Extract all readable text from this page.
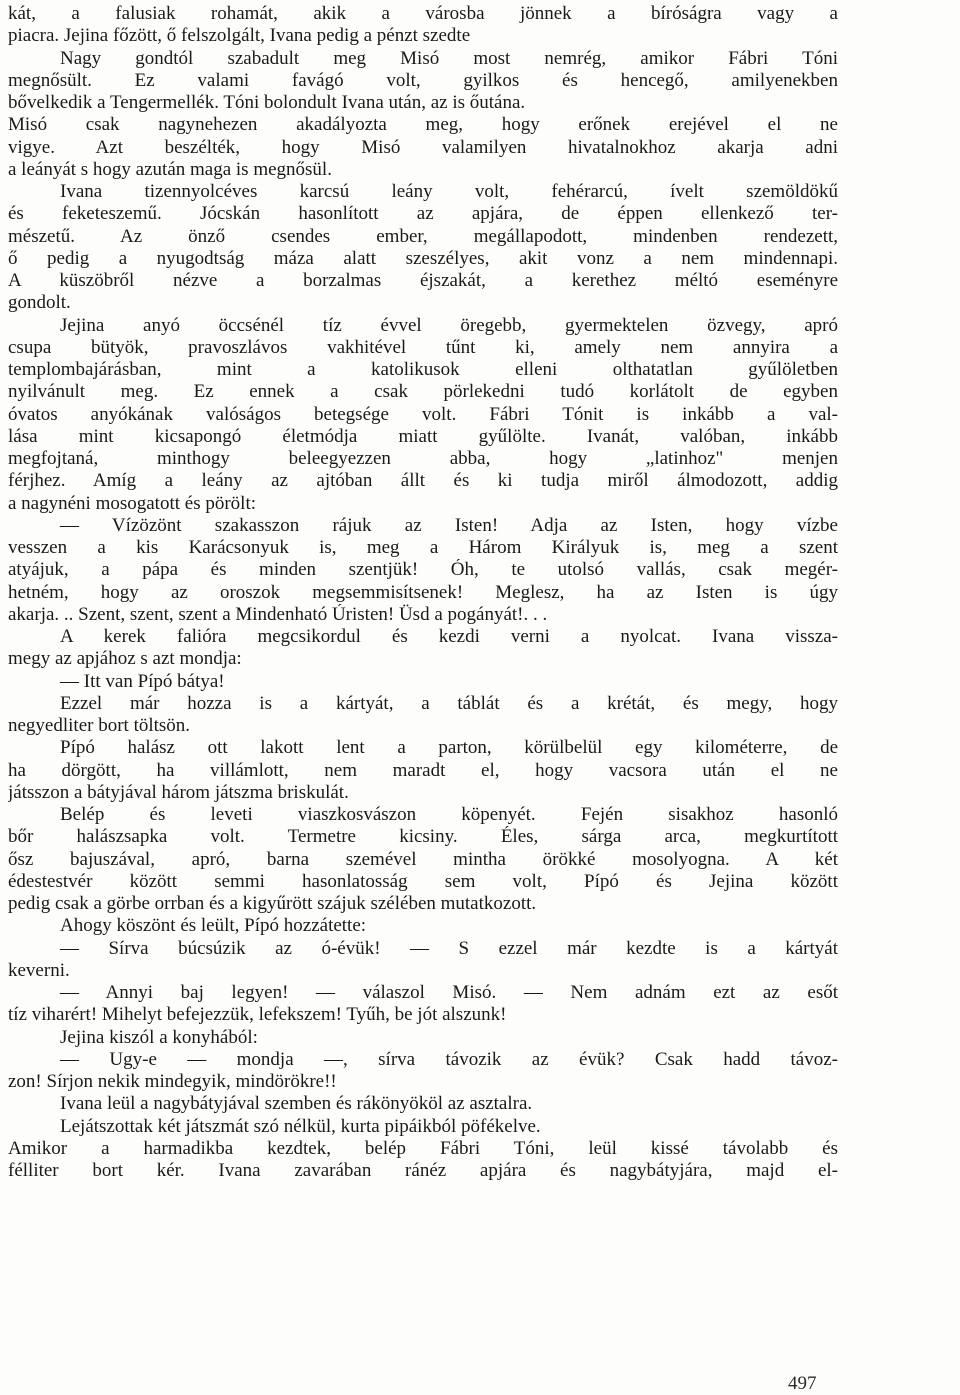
kát, a falusiak rohamát, akik a városba jönnek a bíróságra vagy a
piacra. Jejina főzött, ő felszolgált, Ivana pedig a pénzt szedte
Nagy gondtól szabadult meg Misó most nemrég, amikor Fábri Tóni
megnősült. Ez valami favágó volt, gyilkos és hencegő, amilyenekben
bővelkedik a Tengermellék. Tóni bolondult Ivana után, az is őutána.
Misó csak nagynehezen akadályozta meg, hogy erőnek erejével el ne
vigye. Azt beszélték, hogy Misó valamilyen hivatalnokhoz akarja adni
a leányát s hogy azután maga is megnősül.
Ivana tizennyolcéves karcsú leány volt, fehérarcú, ívelt szemöldökű
és feketeszemű. Jócskán hasonlított az apjára, de éppen ellenkező ter-
mészetű. Az önző csendes ember, megállapodott, mindenben rendezett,
ő pedig a nyugodtság máza alatt szeszélyes, akit vonz a nem mindennapi.
A küszöbről nézve a borzalmas éjszakát, a kerethez méltó eseményre
gondolt.
Jejina anyó öccsénél tíz évvel öregebb, gyermektelen özvegy, apró
csupa bütyök, pravoszlávos vakhitével tűnt ki, amely nem annyira a
templombajárásban, mint a katolikusok elleni olthatatlan gyűlöletben
nyilvánult meg. Ez ennek a csak pörlekedni tudó korlátolt de egyben
óvatos anyókának valóságos betegsége volt. Fábri Tónit is inkább a val-
lása mint kicsapongó életmódja miatt gyűlölte. Ivanát, valóban, inkább
megfojtaná, minthogy beleegyezzen abba, hogy „latinhoz" menjen
férjhez. Amíg a leány az ajtóban állt és ki tudja miről álmodozott, addig
a nagynéni mosogatott és pörölt:
— Vízözönt szakasszon rájuk az Isten! Adja az Isten, hogy vízbe
vesszen a kis Karácsonyuk is, meg a Három Királyuk is, meg a szent
atyájuk, a pápa és minden szentjük! Óh, te utolsó vallás, csak megér-
hetném, hogy az oroszok megsemmisítsenek! Meglesz, ha az Isten is úgy
akarja. .. Szent, szent, szent a Mindenható Úristen! Üsd a pogányát!. . .
A kerek falióra megcsikordul és kezdi verni a nyolcat. Ivana vissza-
megy az apjához s azt mondja:
— Itt van Pípó bátya!
Ezzel már hozza is a kártyát, a táblát és a krétát, és megy, hogy
negyedliter bort töltsön.
Pípó halász ott lakott lent a parton, körülbelül egy kilométerre, de
ha dörgött, ha villámlott, nem maradt el, hogy vacsora után el ne
játsszon a bátyjával három játszma briskulát.
Belép és leveti viaszkosvászon köpenyét. Fején sisakhoz hasonló
bőr halászsapka volt. Termetre kicsiny. Éles, sárga arca, megkurtított
ősz bajuszával, apró, barna szemével mintha örökké mosolyogna. A két
édestestvér között semmi hasonlatosság sem volt, Pípó és Jejina között
pedig csak a görbe orrban és a kigyűrött szájuk szélében mutatkozott.
Ahogy köszönt és leült, Pípó hozzátette:
— Sírva búcsúzik az ó-évük! — S ezzel már kezdte is a kártyát
keverni.
— Annyi baj legyen! — válaszol Misó. — Nem adnám ezt az esőt
tíz viharért! Mihelyt befejezzük, lefekszem! Tyűh, be jót alszunk!
Jejina kiszól a konyhából:
— Ugy-e — mondja —, sírva távozik az évük? Csak hadd távoz-
zon! Sírjon nekik mindegyik, mindörökre!!
Ivana leül a nagybátyjával szemben és rákönyököl az asztalra.
Lejátszottak két játszmát szó nélkül, kurta pipáikból pöfékelve.
Amikor a harmadikba kezdtek, belép Fábri Tóni, leül kissé távolabb és
félliter bort kér. Ivana zavarában ránéz apjára és nagybátyjára, majd el-
497
